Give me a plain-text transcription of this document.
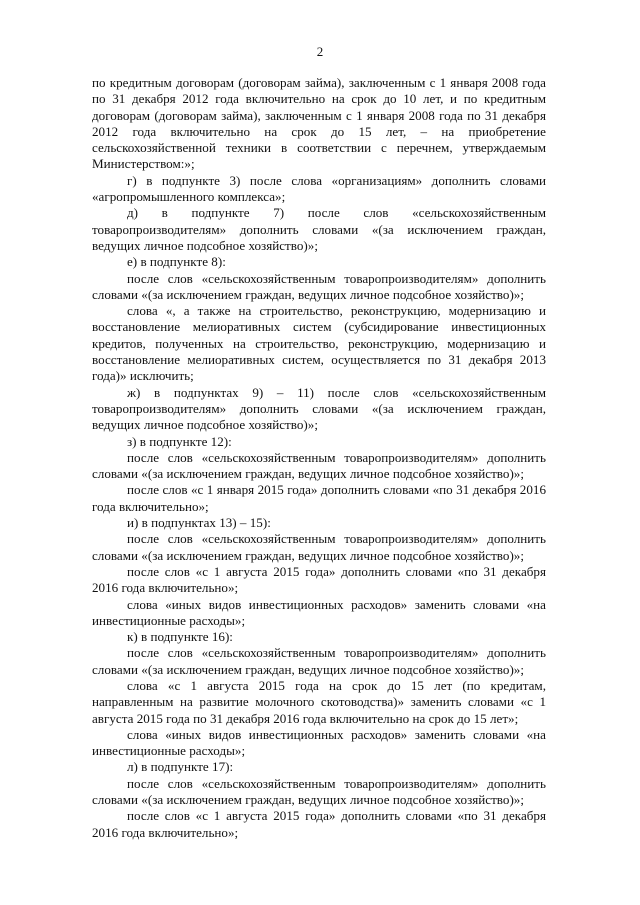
2

по кредитным договорам (договорам займа), заключенным с 1 января 2008 года по 31 декабря 2012 года включительно на срок до 10 лет, и по кредитным договорам (договорам займа), заключенным с 1 января 2008 года по 31 декабря 2012 года включительно на срок до 15 лет, – на приобретение сельскохозяйственной техники в соответствии с перечнем, утверждаемым Министерством:»;

г) в подпункте 3) после слова «организациям» дополнить словами «агропромышленного комплекса»;

д) в подпункте 7) после слов «сельскохозяйственным товаропроизводителям» дополнить словами «(за исключением граждан, ведущих личное подсобное хозяйство)»;

е) в подпункте 8):

после слов «сельскохозяйственным товаропроизводителям» дополнить словами «(за исключением граждан, ведущих личное подсобное хозяйство)»;

слова «, а также на строительство, реконструкцию, модернизацию и восстановление мелиоративных систем (субсидирование инвестиционных кредитов, полученных на строительство, реконструкцию, модернизацию и восстановление мелиоративных систем, осуществляется по 31 декабря 2013 года)» исключить;

ж) в подпунктах 9) – 11) после слов «сельскохозяйственным товаропроизводителям» дополнить словами «(за исключением граждан, ведущих личное подсобное хозяйство)»;

з) в подпункте 12):

после слов «сельскохозяйственным товаропроизводителям» дополнить словами «(за исключением граждан, ведущих личное подсобное хозяйство)»;

после слов «с 1 января 2015 года» дополнить словами «по 31 декабря 2016 года включительно»;

и) в подпунктах 13) – 15):

после слов «сельскохозяйственным товаропроизводителям» дополнить словами «(за исключением граждан, ведущих личное подсобное хозяйство)»;

после слов «с 1 августа 2015 года» дополнить словами «по 31 декабря 2016 года включительно»;

слова «иных видов инвестиционных расходов» заменить словами «на инвестиционные расходы»;

к) в подпункте 16):

после слов «сельскохозяйственным товаропроизводителям» дополнить словами «(за исключением граждан, ведущих личное подсобное хозяйство)»;

слова «с 1 августа 2015 года на срок до 15 лет (по кредитам, направленным на развитие молочного скотоводства)» заменить словами «с 1 августа 2015 года по 31 декабря 2016 года включительно на срок до 15 лет»;

слова «иных видов инвестиционных расходов» заменить словами «на инвестиционные расходы»;

л) в подпункте 17):

после слов «сельскохозяйственным товаропроизводителям» дополнить словами «(за исключением граждан, ведущих личное подсобное хозяйство)»;

после слов «с 1 августа 2015 года» дополнить словами «по 31 декабря 2016 года включительно»;
